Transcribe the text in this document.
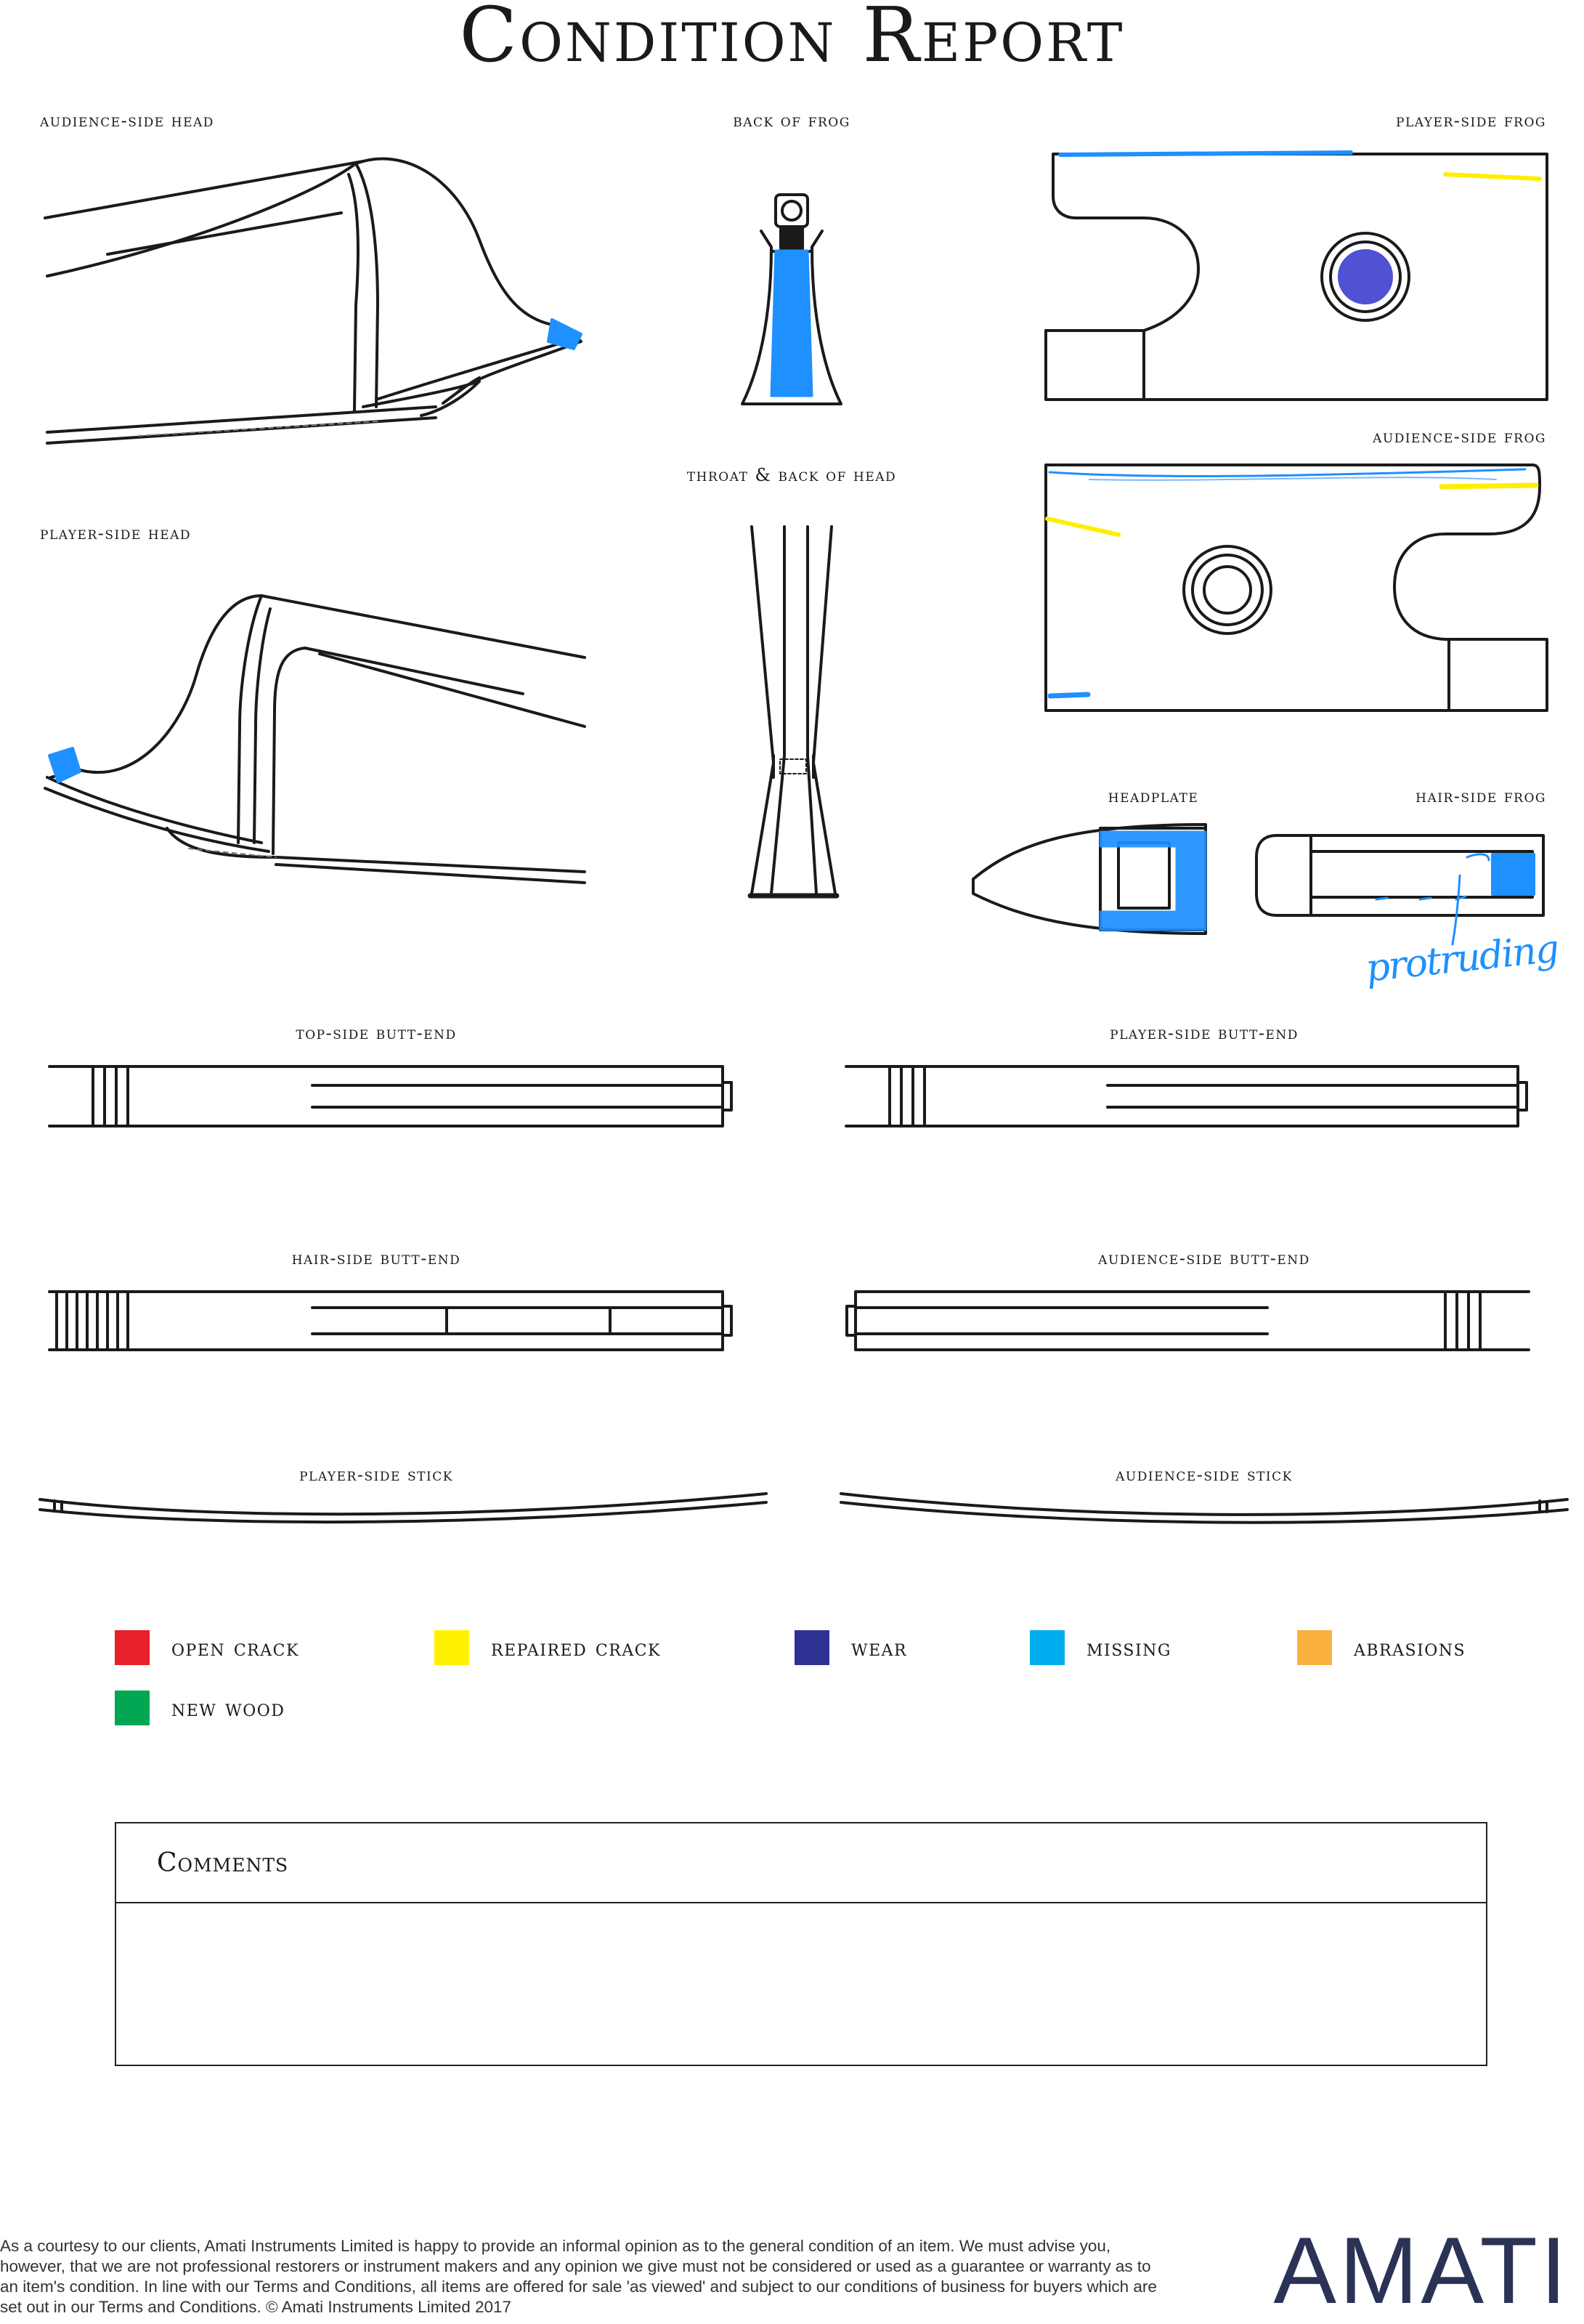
Condition Report
audience-side head	back of frog	player-side frog
throat & back of head
audience-side frog
player-side head
headplate	hair-side frog
top-side butt-end	player-side butt-end
hair-side butt-end	audience-side butt-end
player-side stick	audience-side stick
protruding
open crack	repaired crack	wear	missing	abrasions
new wood
Comments
As a courtesy to our clients, Amati Instruments Limited is happy to provide an informal opinion as to the general condition of an item. We must advise you, however, that we are not professional restorers or instrument makers and any opinion we give must not be considered or used as a guarantee or warranty as to an item's condition. In line with our Terms and Conditions, all items are offered for sale 'as viewed' and subject to our conditions of business for buyers which are set out in our Terms and Conditions. © Amati Instruments Limited 2017	AMATI
